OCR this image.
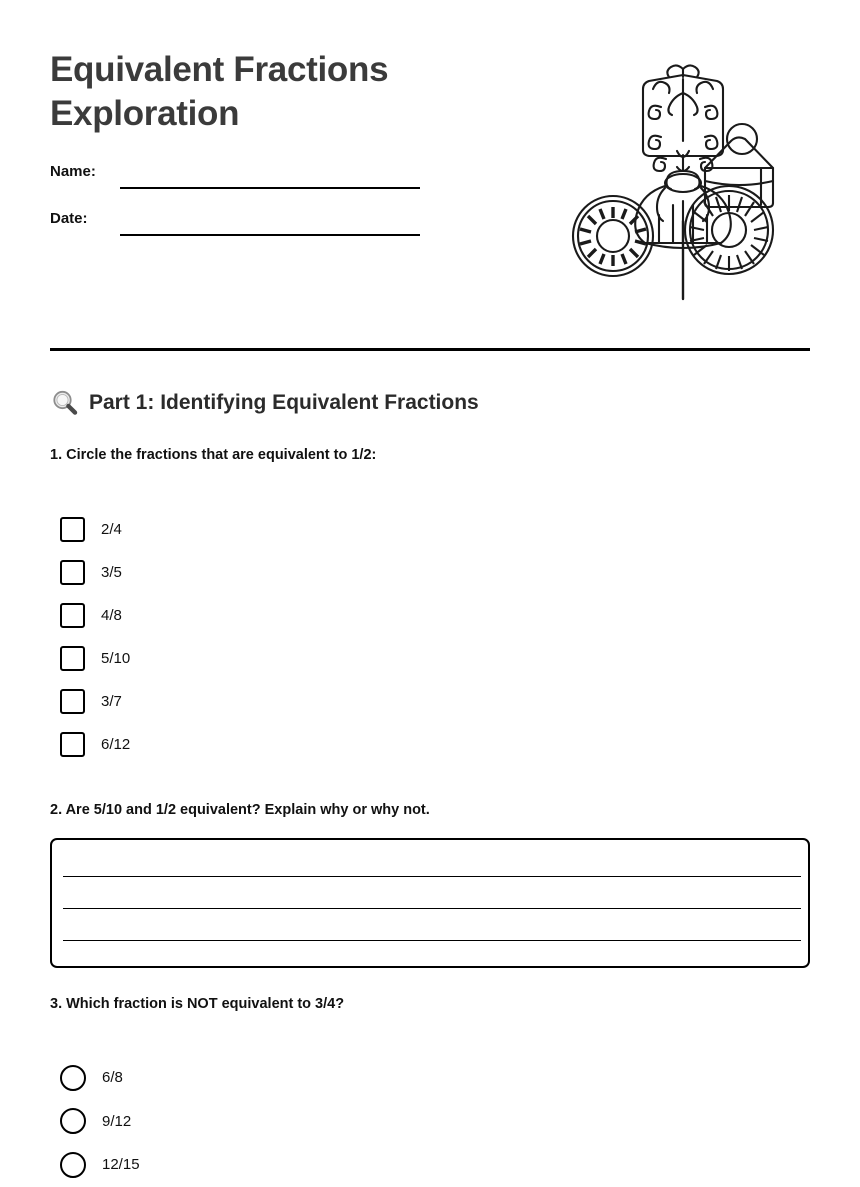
Equivalent Fractions Exploration
Name:
Date:
Part 1: Identifying Equivalent Fractions
1. Circle the fractions that are equivalent to 1/2:
2/4
3/5
4/8
5/10
3/7
6/12
2. Are 5/10 and 1/2 equivalent? Explain why or why not.
3. Which fraction is NOT equivalent to 3/4?
6/8
9/12
12/15
